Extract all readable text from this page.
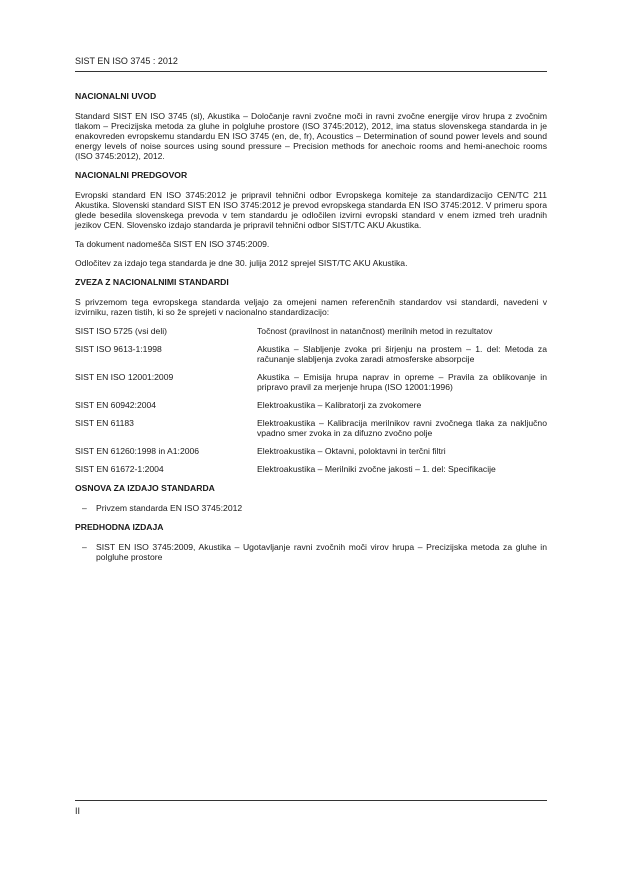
SIST EN ISO 3745 : 2012
NACIONALNI UVOD

Standard SIST EN ISO 3745 (sl), Akustika – Določanje ravni zvočne moči in ravni zvočne energije virov hrupa z zvočnim tlakom – Precizijska metoda za gluhe in polgluhe prostore (ISO 3745:2012), 2012, ima status slovenskega standarda in je enakovreden evropskemu standardu EN ISO 3745 (en, de, fr), Acoustics – Determination of sound power levels and sound energy levels of noise sources using sound pressure – Precision methods for anechoic rooms and hemi-anechoic rooms (ISO 3745:2012), 2012.

NACIONALNI PREDGOVOR

Evropski standard EN ISO 3745:2012 je pripravil tehnični odbor Evropskega komiteje za standardizacijo CEN/TC 211 Akustika. Slovenski standard SIST EN ISO 3745:2012 je prevod evropskega standarda EN ISO 3745:2012. V primeru spora glede besedila slovenskega prevoda v tem standardu je odločilen izvirni evropski standard v enem izmed treh uradnih jezikov CEN. Slovensko izdajo standarda je pripravil tehnični odbor SIST/TC AKU Akustika.

Ta dokument nadomešča SIST EN ISO 3745:2009.

Odločitev za izdajo tega standarda je dne 30. julija 2012 sprejel SIST/TC AKU Akustika.

ZVEZA Z NACIONALNIMI STANDARDI

S privzemom tega evropskega standarda veljajo za omejeni namen referenčnih standardov vsi standardi, navedeni v izvirniku, razen tistih, ki so že sprejeti v nacionalno standardizacijo:

SIST ISO 5725 (vsi deli)	Točnost (pravilnost in natančnost) merilnih metod in rezultatov

SIST ISO 9613-1:1998	Akustika – Slabljenje zvoka pri širjenju na prostem – 1. del: Metoda za računanje slabljenja zvoka zaradi atmosferske absorpcije

SIST EN ISO 12001:2009	Akustika – Emisija hrupa naprav in opreme – Pravila za oblikovanje in pripravo pravil za merjenje hrupa (ISO 12001:1996)

SIST EN 60942:2004	Elektroakustika – Kalibratorji za zvokomere

SIST EN 61183	Elektroakustika – Kalibracija merilnikov ravni zvočnega tlaka za naključno vpadno smer zvoka in za difuzno zvočno polje

SIST EN 61260:1998 in A1:2006	Elektroakustika – Oktavni, poloktavni in terčni filtri

SIST EN 61672-1:2004	Elektroakustika – Merilniki zvočne jakosti – 1. del: Specifikacije
OSNOVA ZA IZDAJO STANDARDA
– Privzem standarda EN ISO 3745:2012
PREDHODNA IZDAJA
– SIST EN ISO 3745:2009, Akustika – Ugotavljanje ravni zvočnih moči virov hrupa – Precizijska metoda za gluhe in polgluhe prostore
II
